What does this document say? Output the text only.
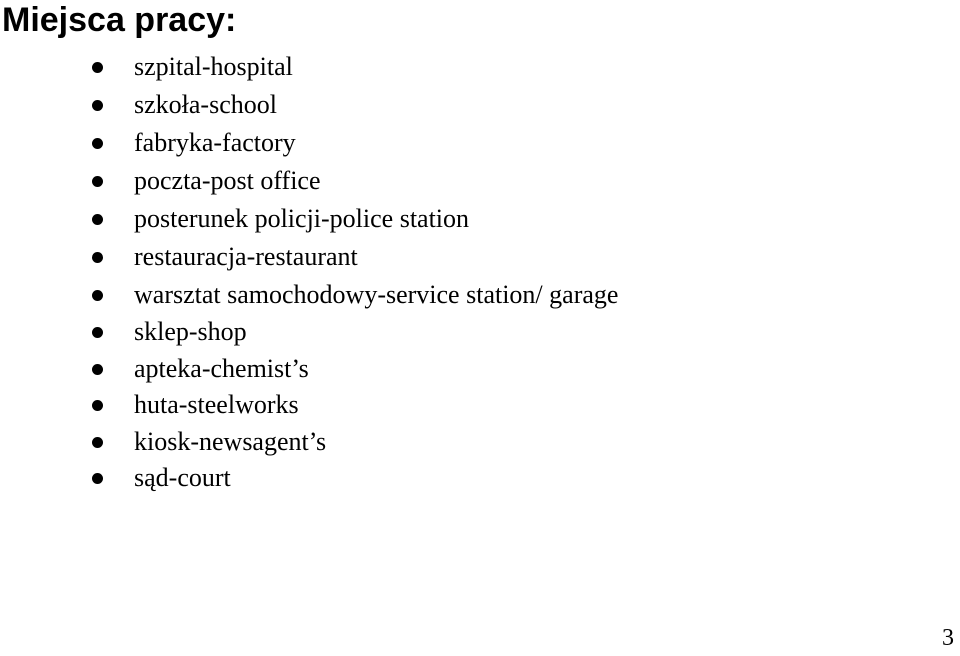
Miejsca pracy:
szpital-hospital
szkoła-school
fabryka-factory
poczta-post office
posterunek policji-police station
restauracja-restaurant
warsztat samochodowy-service station/ garage
sklep-shop
apteka-chemist’s
huta-steelworks
kiosk-newsagent’s
sąd-court
3
